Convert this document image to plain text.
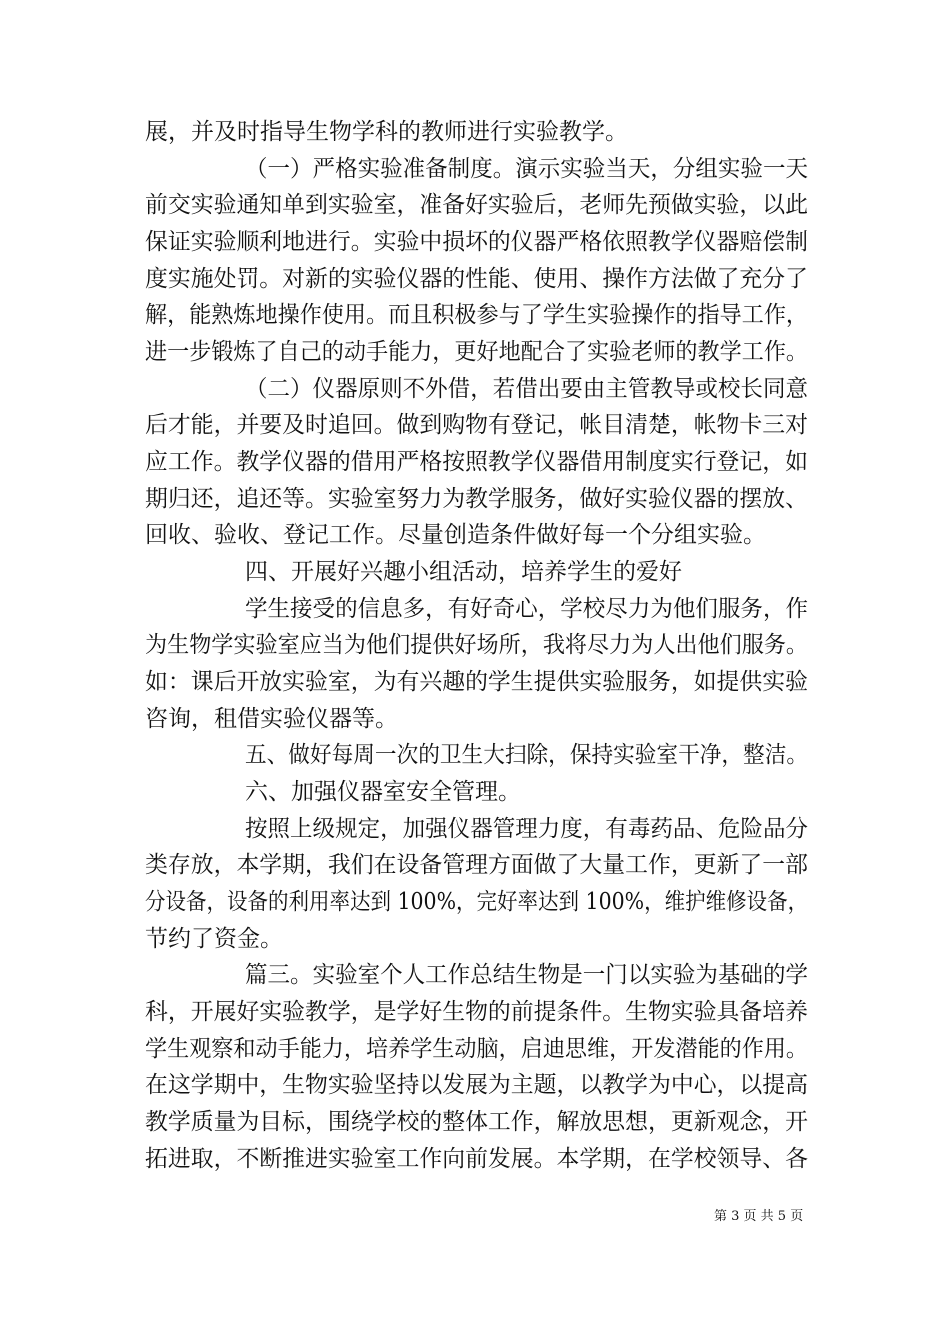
展，并及时指导生物学科的教师进行实验教学。
（一）严格实验准备制度。演示实验当天，分组实验一天
前交实验通知单到实验室，准备好实验后，老师先预做实验，以此
保证实验顺利地进行。实验中损坏的仪器严格依照教学仪器赔偿制
度实施处罚。对新的实验仪器的性能、使用、操作方法做了充分了
解，能熟炼地操作使用。而且积极参与了学生实验操作的指导工作，
进一步锻炼了自己的动手能力，更好地配合了实验老师的教学工作。
（二）仪器原则不外借，若借出要由主管教导或校长同意
后才能，并要及时追回。做到购物有登记，帐目清楚，帐物卡三对
应工作。教学仪器的借用严格按照教学仪器借用制度实行登记，如
期归还，追还等。实验室努力为教学服务，做好实验仪器的摆放、
回收、验收、登记工作。尽量创造条件做好每一个分组实验。
四、开展好兴趣小组活动，培养学生的爱好
学生接受的信息多，有好奇心，学校尽力为他们服务，作
为生物学实验室应当为他们提供好场所，我将尽力为人出他们服务。
如：课后开放实验室，为有兴趣的学生提供实验服务，如提供实验
咨询，租借实验仪器等。
五、做好每周一次的卫生大扫除，保持实验室干净，整洁。
六、加强仪器室安全管理。
按照上级规定，加强仪器管理力度，有毒药品、危险品分
类存放，本学期，我们在设备管理方面做了大量工作，更新了一部
分设备，设备的利用率达到 100%，完好率达到 100%，维护维修设备，
节约了资金。
篇三。实验室个人工作总结生物是一门以实验为基础的学
科，开展好实验教学，是学好生物的前提条件。生物实验具备培养
学生观察和动手能力，培养学生动脑，启迪思维，开发潜能的作用。
在这学期中，生物实验坚持以发展为主题，以教学为中心，以提高
教学质量为目标，围绕学校的整体工作，解放思想，更新观念，开
拓进取，不断推进实验室工作向前发展。本学期，在学校领导、各
第 3 页 共 5 页
